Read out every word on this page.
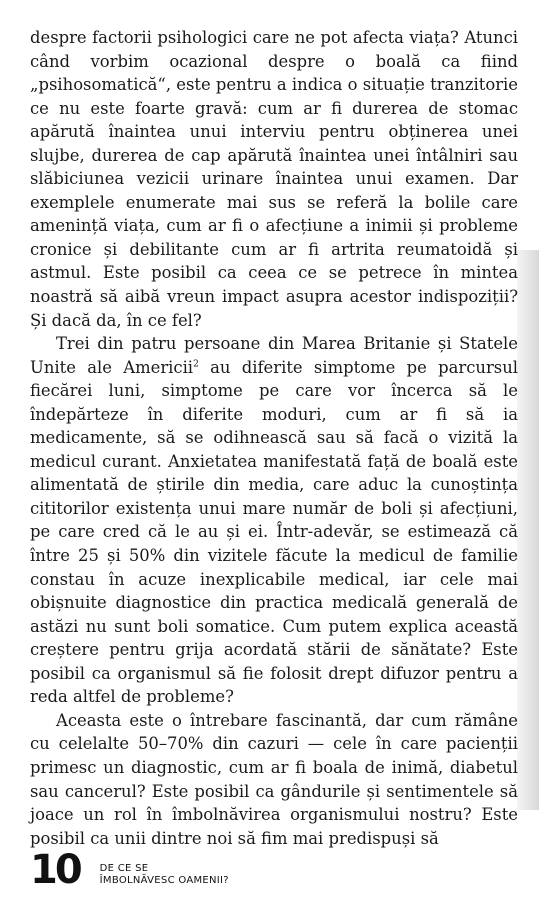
despre factorii psihologici care ne pot afecta viața? Atunci când vorbim ocazional despre o boală ca fiind „psihosomatică“, este pentru a indica o situație tranzitorie ce nu este foarte gravă: cum ar fi durerea de stomac apărută înaintea unui interviu pentru obținerea unei slujbe, durerea de cap apărută înaintea unei întâlniri sau slăbiciunea vezicii urinare înaintea unui examen. Dar exemplele enumerate mai sus se referă la bolile care amenință viața, cum ar fi o afecțiune a inimii și probleme cronice și debilitante cum ar fi artrita reumatoidă și astmul. Este posibil ca ceea ce se petrece în mintea noastră să aibă vreun impact asupra acestor indispoziții? Și dacă da, în ce fel?

Trei din patru persoane din Marea Britanie și Statele Unite ale Americii$^2$ au diferite simptome pe parcursul fiecărei luni, simptome pe care vor încerca să le îndepărteze în diferite moduri, cum ar fi să ia medicamente, să se odihnească sau să facă o vizită la medicul curant. Anxietatea manifestată față de boală este alimentată de știrile din media, care aduc la cunoștința cititorilor existența unui mare număr de boli și afecțiuni, pe care cred că le au și ei. Într-adevăr, se estimează că între 25 și 50% din vizitele făcute la medicul de familie constau în acuze inexplicabile medical, iar cele mai obișnuite diagnostice din practica medicală generală de astăzi nu sunt boli somatice. Cum putem explica această creștere pentru grija acordată stării de sănătate? Este posibil ca organismul să fie folosit drept difuzor pentru a reda altfel de probleme?

Aceasta este o întrebare fascinantă, dar cum rămâne cu celelalte 50–70% din cazuri — cele în care pacienții primesc un diagnostic, cum ar fi boala de inimă, diabetul sau cancerul? Este posibil ca gândurile și sentimentele să joace un rol în îmbolnăvirea organismului nostru? Este posibil ca unii dintre noi să fim mai predispuși să

10 DE CE SE
ÎMBOLNĂVESC OAMENII?
